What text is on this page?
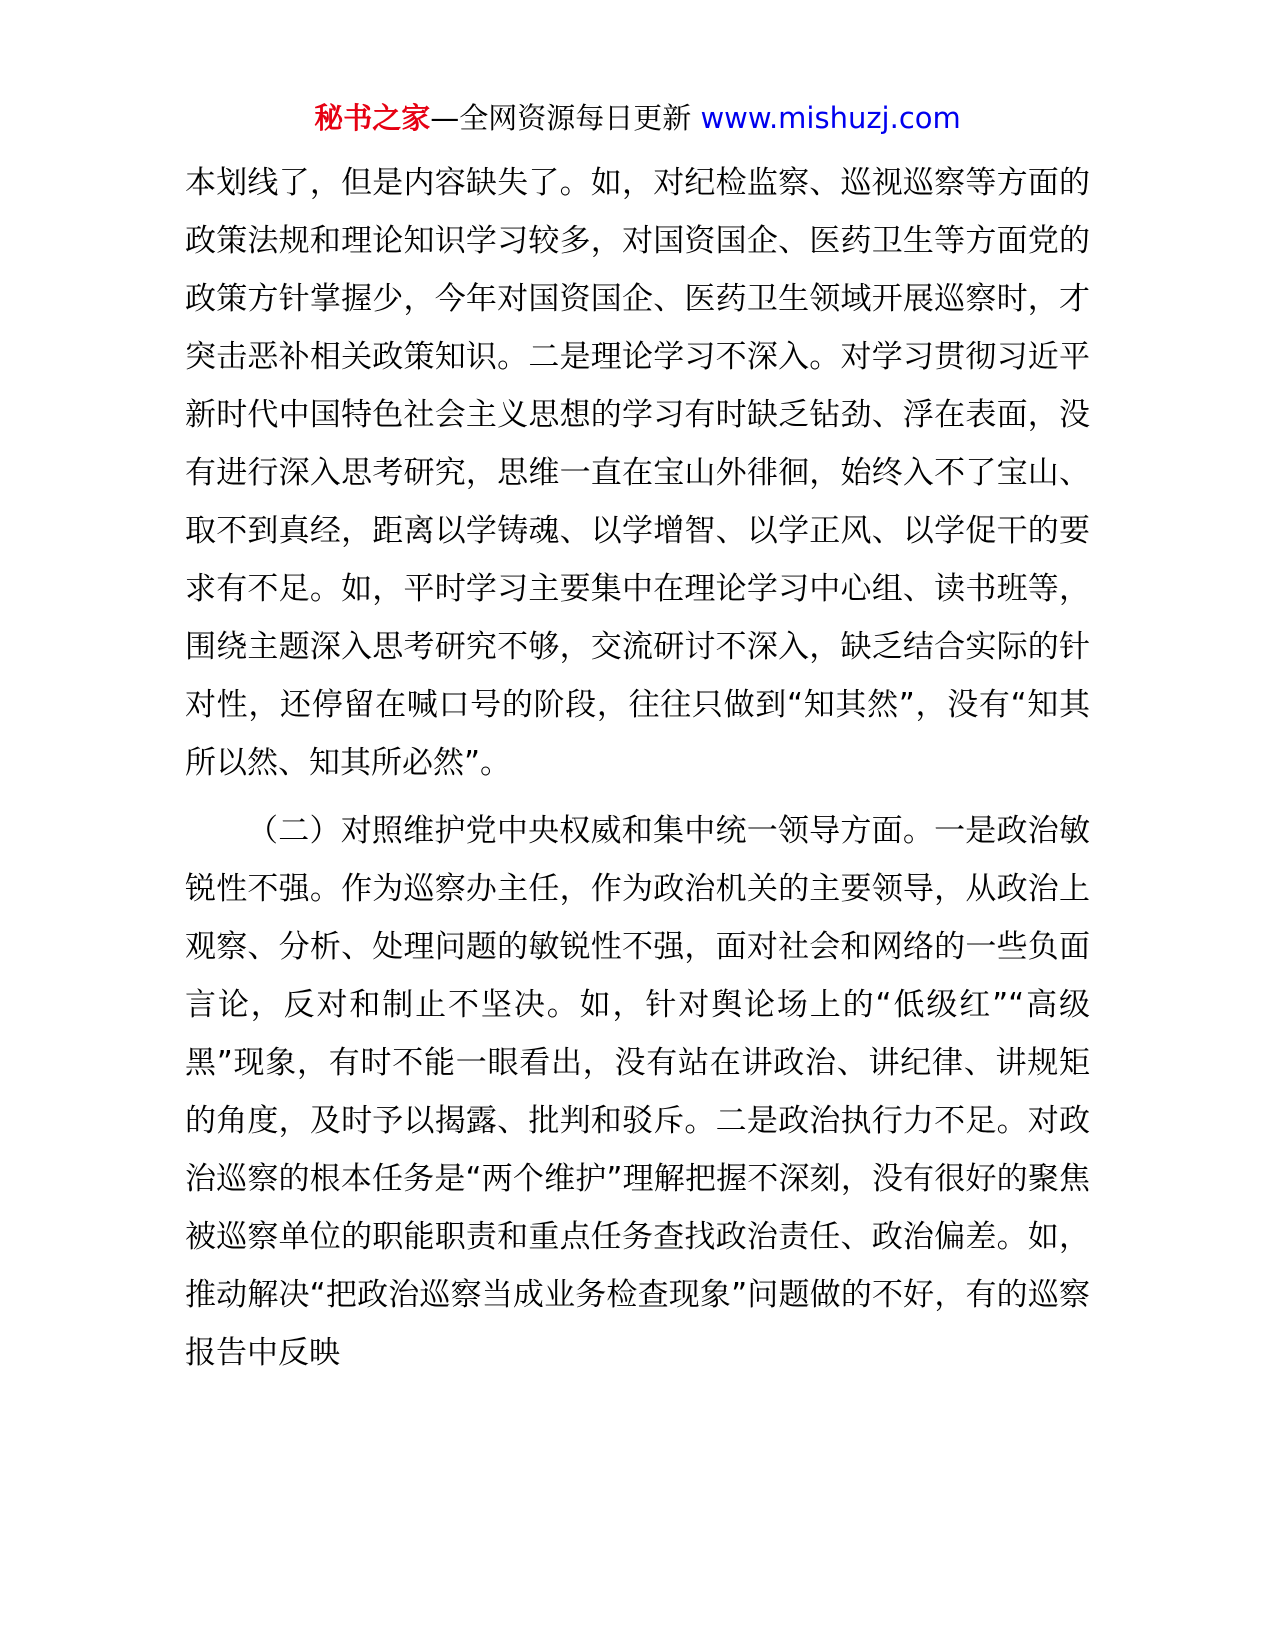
秘书之家—全网资源每日更新 www.mishuzj.com

本划线了，但是内容缺失了。如，对纪检监察、巡视巡察等方面的政策法规和理论知识学习较多，对国资国企、医药卫生等方面党的政策方针掌握少，今年对国资国企、医药卫生领域开展巡察时，才突击恶补相关政策知识。二是理论学习不深入。对学习贯彻习近平新时代中国特色社会主义思想的学习有时缺乏钻劲、浮在表面，没有进行深入思考研究，思维一直在宝山外徘徊，始终入不了宝山、取不到真经，距离以学铸魂、以学增智、以学正风、以学促干的要求有不足。如，平时学习主要集中在理论学习中心组、读书班等，围绕主题深入思考研究不够，交流研讨不深入，缺乏结合实际的针对性，还停留在喊口号的阶段，往往只做到“知其然”，没有“知其所以然、知其所必然”。

（二）对照维护党中央权威和集中统一领导方面。一是政治敏锐性不强。作为巡察办主任，作为政治机关的主要领导，从政治上观察、分析、处理问题的敏锐性不强，面对社会和网络的一些负面言论，反对和制止不坚决。如，针对舆论场上的“低级红”“高级黑”现象，有时不能一眼看出，没有站在讲政治、讲纪律、讲规矩的角度，及时予以揭露、批判和驳斥。二是政治执行力不足。对政治巡察的根本任务是“两个维护”理解把握不深刻，没有很好的聚焦被巡察单位的职能职责和重点任务查找政治责任、政治偏差。如，推动解决“把政治巡察当成业务检查现象”问题做的不好，有的巡察报告中反映
